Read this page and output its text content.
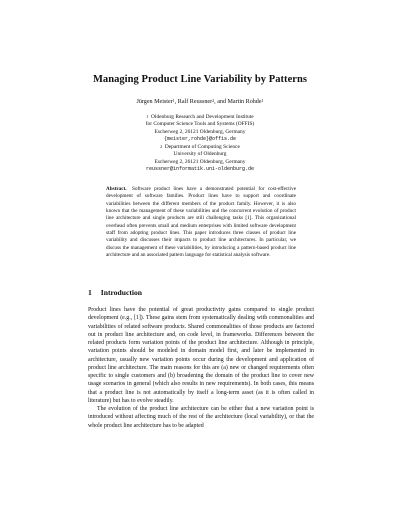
Managing Product Line Variability by Patterns
Jürgen Meister$^1$, Ralf Reussner$^2$, and Martin Rohde$^1$
$^1$ Oldenburg Research and Development Institute
for Computer Science Tools and Systems (OFFIS)
Escherweg 2, 26121 Oldenburg, Germany
{meister,rohde}@offis.de
$^2$ Department of Computing Science
University of Oldenburg
Escherweg 2, 26121 Oldenburg, Germany
reussner@informatik.uni-oldenburg.de
Abstract. Software product lines have a demonstrated potential for cost-effective development of software families. Product lines have to support and coordinate variabilities between the different members of the product family. However, it is also known that the management of these variabilities and the concurrent evolution of product line architecture and single products are still challenging tasks [1]. This organizational overhead often prevents small and medium enterprises with limited software development staff from adopting product lines. This paper introduces three classes of product line variability and discusses their impacts to product line architectures. In particular, we discuss the management of these variabilities, by introducing a pattern-based product line architecture and an associated pattern language for statistical analysis software.
1 Introduction

Product lines have the potential of great productivity gains compared to single product development (e.g., [1]). These gains stem from systematically dealing with commonalities and variabilities of related software products. Shared commonalities of those products are factored out in product line architecture and, on code level, in frameworks. Differences between the related products form variation points of the product line architecture. Although in principle, variation points should be modeled in domain model first, and later be implemented in architecture, usually new variation points occur during the development and application of product line architecture. The main reasons for this are (a) new or changed requirements often specific to single customers and (b) broadening the domain of the product line to cover new usage scenarios in general (which also results in new requirements). In both cases, this means that a product line is not automatically by itself a long-term asset (as it is often called in literature) but has to evolve steadily.

The evolution of the product line architecture can be either that a new variation point is introduced without affecting much of the rest of the architecture (local variability), or that the whole product line architecture has to be adapted
